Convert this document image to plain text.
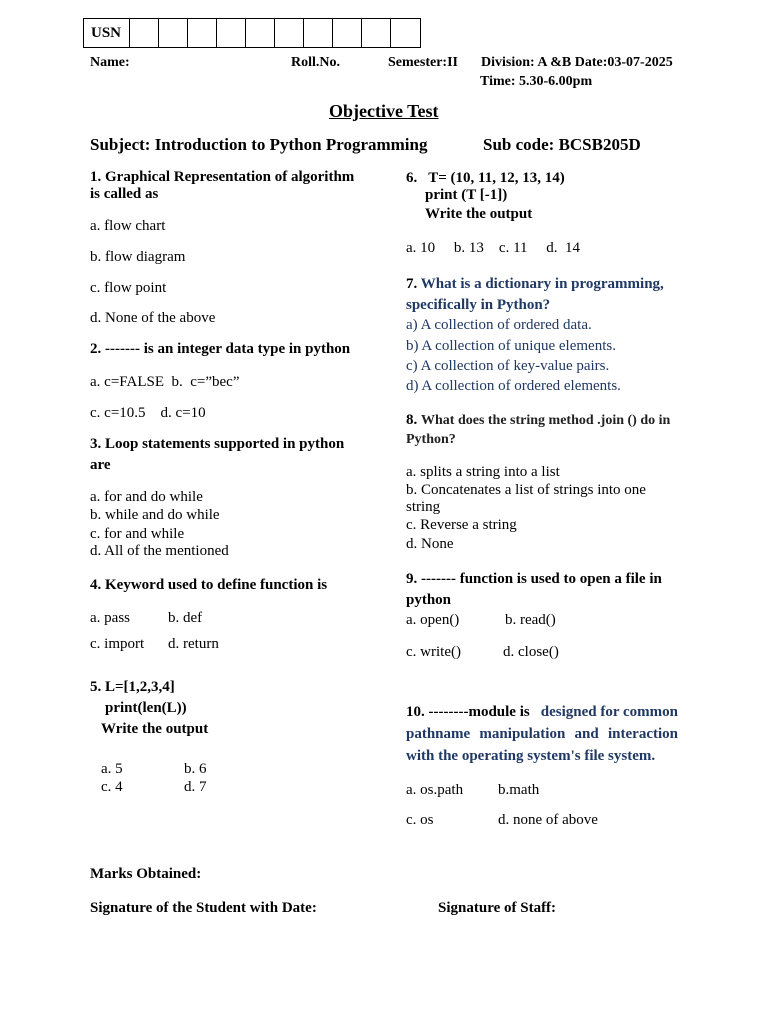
USN
Name:	Roll.No.	Semester:II Division: A &B Date:03-07-2025
Time: 5.30-6.00pm
Objective Test
Subject: Introduction to Python Programming	Sub code: BCSB205D
1. Graphical Representation of algorithm is called as
a. flow chart
b. flow diagram
c. flow point
d. None of the above
2. ------- is an integer data type in python
a. c=FALSE  b.  c=”bec”
c. c=10.5    d. c=10
3. Loop statements supported in python
are
a. for and do while
b. while and do while
c. for and while
d. All of the mentioned
4. Keyword used to define function is
a. pass	b. def
c. import d. return
5. L=[1,2,3,4]
print(len(L))
Write the output
a. 5	b. 6
c. 4	d. 7
6.   T= (10, 11, 12, 13, 14)
print (T [-1])
Write the output
a. 10     b. 13    c. 11     d.  14
7. What is a dictionary in programming,
specifically in Python?
a) A collection of ordered data.
b) A collection of unique elements.
c) A collection of key-value pairs.
d) A collection of ordered elements.
8. What does the string method .join () do in
Python?
a. splits a string into a list
b. Concatenates a list of strings into one
string
c. Reverse a string
d. None
9. ------- function is used to open a file in
python
a. open()	b. read()
c. write()	d. close()
10. --------module is designed for common
pathname manipulation and interaction
with the operating system's file system.
a. os.path b.math
c. os	d. none of above
Marks Obtained:
Signature of the Student with Date:	Signature of Staff:
